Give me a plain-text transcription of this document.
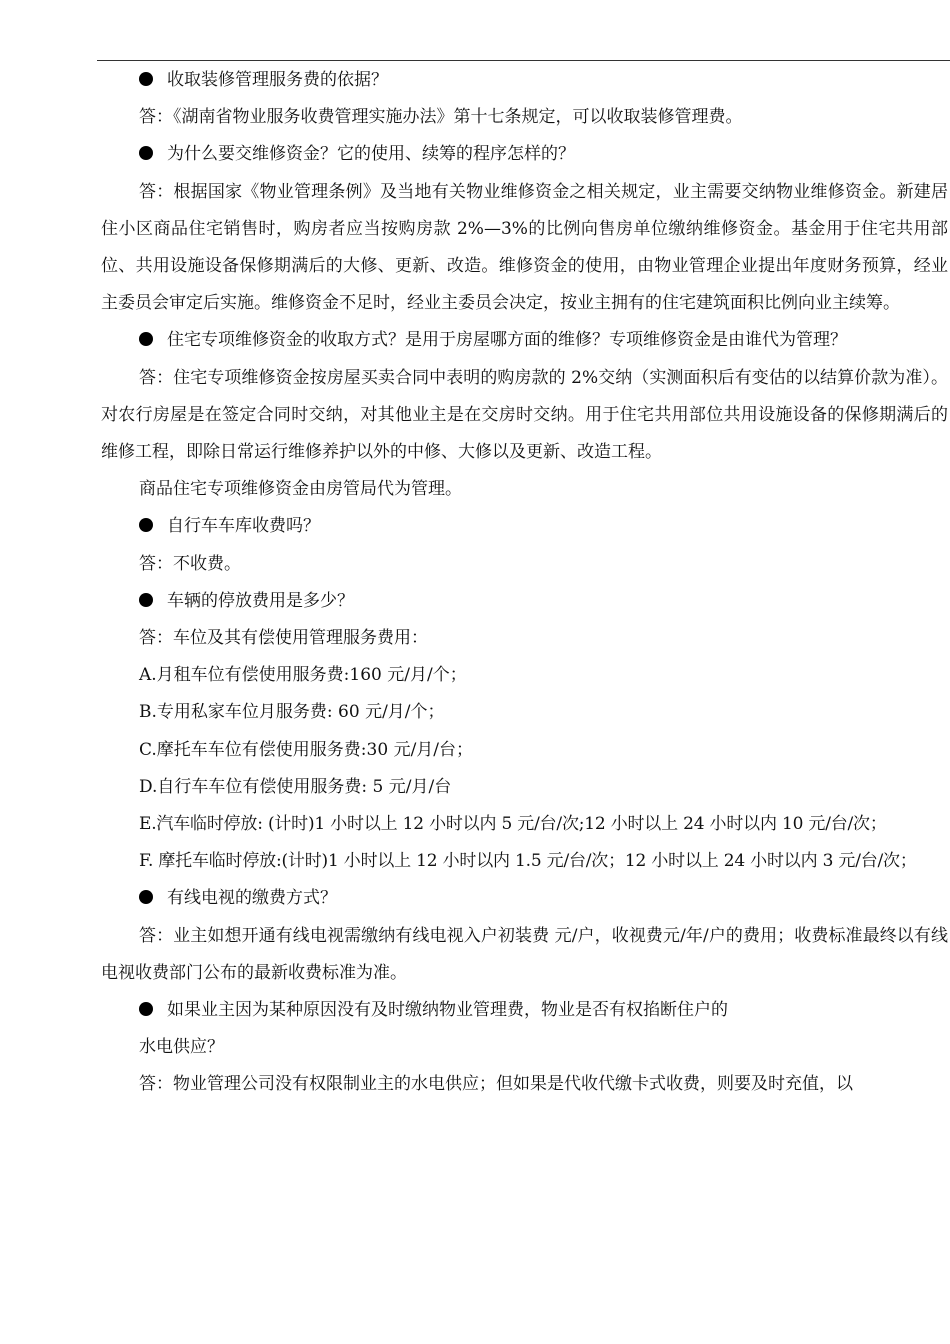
收取装修管理服务费的依据？

答：《湖南省物业服务收费管理实施办法》第十七条规定，可以收取装修管理费。

为什么要交维修资金？它的使用、续筹的程序怎样的？

答：根据国家《物业管理条例》及当地有关物业维修资金之相关规定，业主需要交纳物业维修资金。新建居住小区商品住宅销售时，购房者应当按购房款 2%—3%的比例向售房单位缴纳维修资金。基金用于住宅共用部位、共用设施设备保修期满后的大修、更新、改造。维修资金的使用，由物业管理企业提出年度财务预算，经业主委员会审定后实施。维修资金不足时，经业主委员会决定，按业主拥有的住宅建筑面积比例向业主续筹。

住宅专项维修资金的收取方式？是用于房屋哪方面的维修？专项维修资金是由谁代为管理？

答：住宅专项维修资金按房屋买卖合同中表明的购房款的 2%交纳（实测面积后有变估的以结算价款为准）。对农行房屋是在签定合同时交纳，对其他业主是在交房时交纳。用于住宅共用部位共用设施设备的保修期满后的维修工程，即除日常运行维修养护以外的中修、大修以及更新、改造工程。

商品住宅专项维修资金由房管局代为管理。

自行车车库收费吗？

答：不收费。

车辆的停放费用是多少？

答：车位及其有偿使用管理服务费用：

A.月租车位有偿使用服务费:160 元/月/个；

B.专用私家车位月服务费: 60 元/月/个；

C.摩托车车位有偿使用服务费:30 元/月/台；

D.自行车车位有偿使用服务费: 5 元/月/台

E.汽车临时停放: (计时)1 小时以上 12 小时以内 5 元/台/次;12 小时以上 24 小时以内 10 元/台/次；

F. 摩托车临时停放:(计时)1 小时以上 12 小时以内 1.5 元/台/次；12 小时以上 24 小时以内 3 元/台/次；

有线电视的缴费方式？

答：业主如想开通有线电视需缴纳有线电视入户初装费 元/户，收视费元/年/户的费用；收费标准最终以有线电视收费部门公布的最新收费标准为准。

如果业主因为某种原因没有及时缴纳物业管理费，物业是否有权掐断住户的

水电供应？

答：物业管理公司没有权限制业主的水电供应；但如果是代收代缴卡式收费，则要及时充值，以
